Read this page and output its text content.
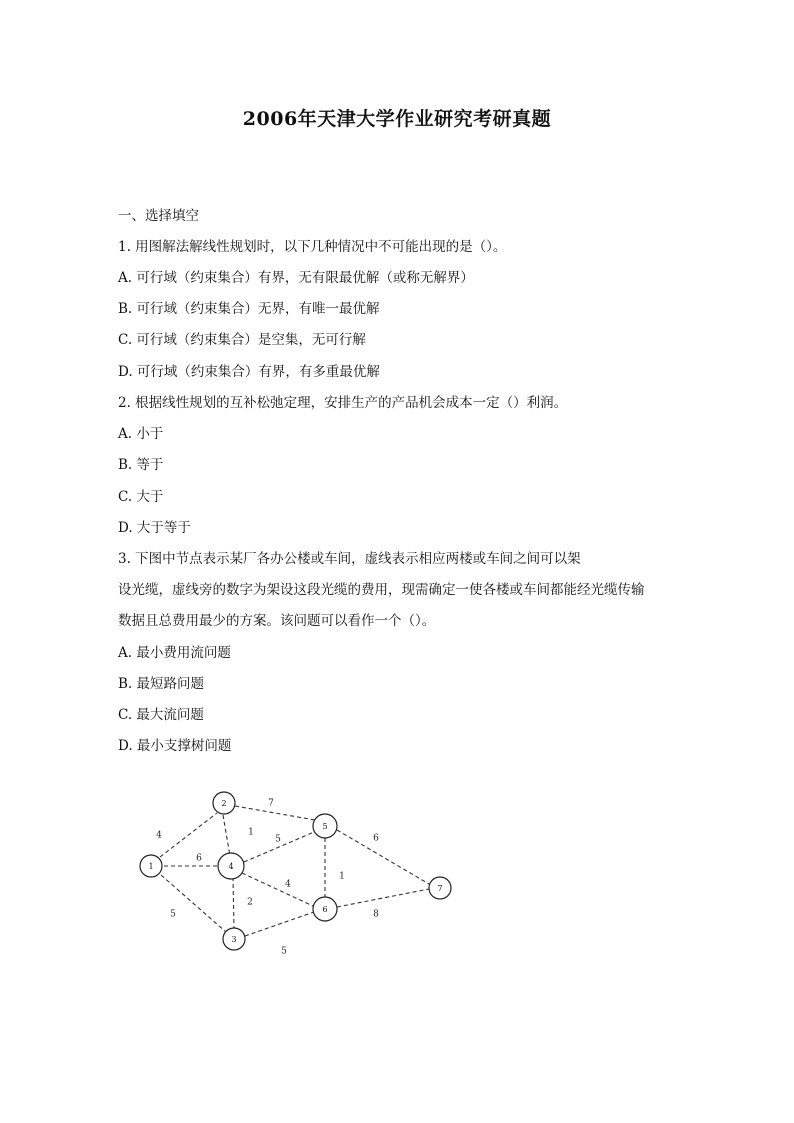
2006年天津大学作业研究考研真题
一、选择填空
1. 用图解法解线性规划时，以下几种情况中不可能出现的是（）。
A. 可行域（约束集合）有界，无有限最优解（或称无解界）
B. 可行域（约束集合）无界，有唯一最优解
C. 可行域（约束集合）是空集，无可行解
D. 可行域（约束集合）有界，有多重最优解
2. 根据线性规划的互补松弛定理，安排生产的产品机会成本一定（）利润。
A. 小于
B. 等于
C. 大于
D. 大于等于
3. 下图中节点表示某厂各办公楼或车间，虚线表示相应两楼或车间之间可以架
设光缆，虚线旁的数字为架设这段光缆的费用，现需确定一使各楼或车间都能经光缆传输
数据且总费用最少的方案。该问题可以看作一个（）。
A. 最小费用流问题
B. 最短路问题
C. 最大流问题
D. 最小支撑树问题
1
2
3
4
5
6
7
4
6
5
7
1
5
2
4
1
6
8
5
